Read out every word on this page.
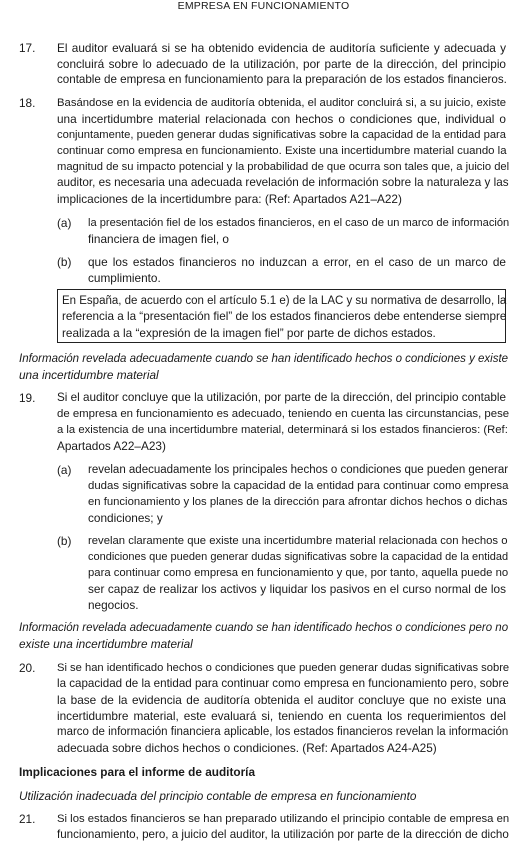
EMPRESA EN FUNCIONAMIENTO
17. El auditor evaluará si se ha obtenido evidencia de auditoría suficiente y adecuada y
concluirá sobre lo adecuado de la utilización, por parte de la dirección, del principio
contable de empresa en funcionamiento para la preparación de los estados financieros.
18. Basándose en la evidencia de auditoría obtenida, el auditor concluirá si, a su juicio, existe
una incertidumbre material relacionada con hechos o condiciones que, individual o
conjuntamente, pueden generar dudas significativas sobre la capacidad de la entidad para
continuar como empresa en funcionamiento. Existe una incertidumbre material cuando la
magnitud de su impacto potencial y la probabilidad de que ocurra son tales que, a juicio del
auditor, es necesaria una adecuada revelación de información sobre la naturaleza y las
implicaciones de la incertidumbre para: (Ref: Apartados A21–A22)
(a) la presentación fiel de los estados financieros, en el caso de un marco de información
financiera de imagen fiel, o
(b) que los estados financieros no induzcan a error, en el caso de un marco de
cumplimiento.
En España, de acuerdo con el artículo 5.1 e) de la LAC y su normativa de desarrollo, la
referencia a la “presentación fiel” de los estados financieros debe entenderse siempre
realizada a la “expresión de la imagen fiel” por parte de dichos estados.
Información revelada adecuadamente cuando se han identificado hechos o condiciones y existe
una incertidumbre material
19. Si el auditor concluye que la utilización, por parte de la dirección, del principio contable
de empresa en funcionamiento es adecuado, teniendo en cuenta las circunstancias, pese
a la existencia de una incertidumbre material, determinará si los estados financieros: (Ref:
Apartados A22–A23)
(a) revelan adecuadamente los principales hechos o condiciones que pueden generar
dudas significativas sobre la capacidad de la entidad para continuar como empresa
en funcionamiento y los planes de la dirección para afrontar dichos hechos o dichas
condiciones; y
(b) revelan claramente que existe una incertidumbre material relacionada con hechos o
condiciones que pueden generar dudas significativas sobre la capacidad de la entidad
para continuar como empresa en funcionamiento y que, por tanto, aquella puede no
ser capaz de realizar los activos y liquidar los pasivos en el curso normal de los
negocios.
Información revelada adecuadamente cuando se han identificado hechos o condiciones pero no
existe una incertidumbre material
20. Si se han identificado hechos o condiciones que pueden generar dudas significativas sobre
la capacidad de la entidad para continuar como empresa en funcionamiento pero, sobre
la base de la evidencia de auditoría obtenida el auditor concluye que no existe una
incertidumbre material, este evaluará si, teniendo en cuenta los requerimientos del
marco de información financiera aplicable, los estados financieros revelan la información
adecuada sobre dichos hechos o condiciones. (Ref: Apartados A24-A25)
Implicaciones para el informe de auditoría
Utilización inadecuada del principio contable de empresa en funcionamiento
21. Si los estados financieros se han preparado utilizando el principio contable de empresa en
funcionamiento, pero, a juicio del auditor, la utilización por parte de la dirección de dicho
